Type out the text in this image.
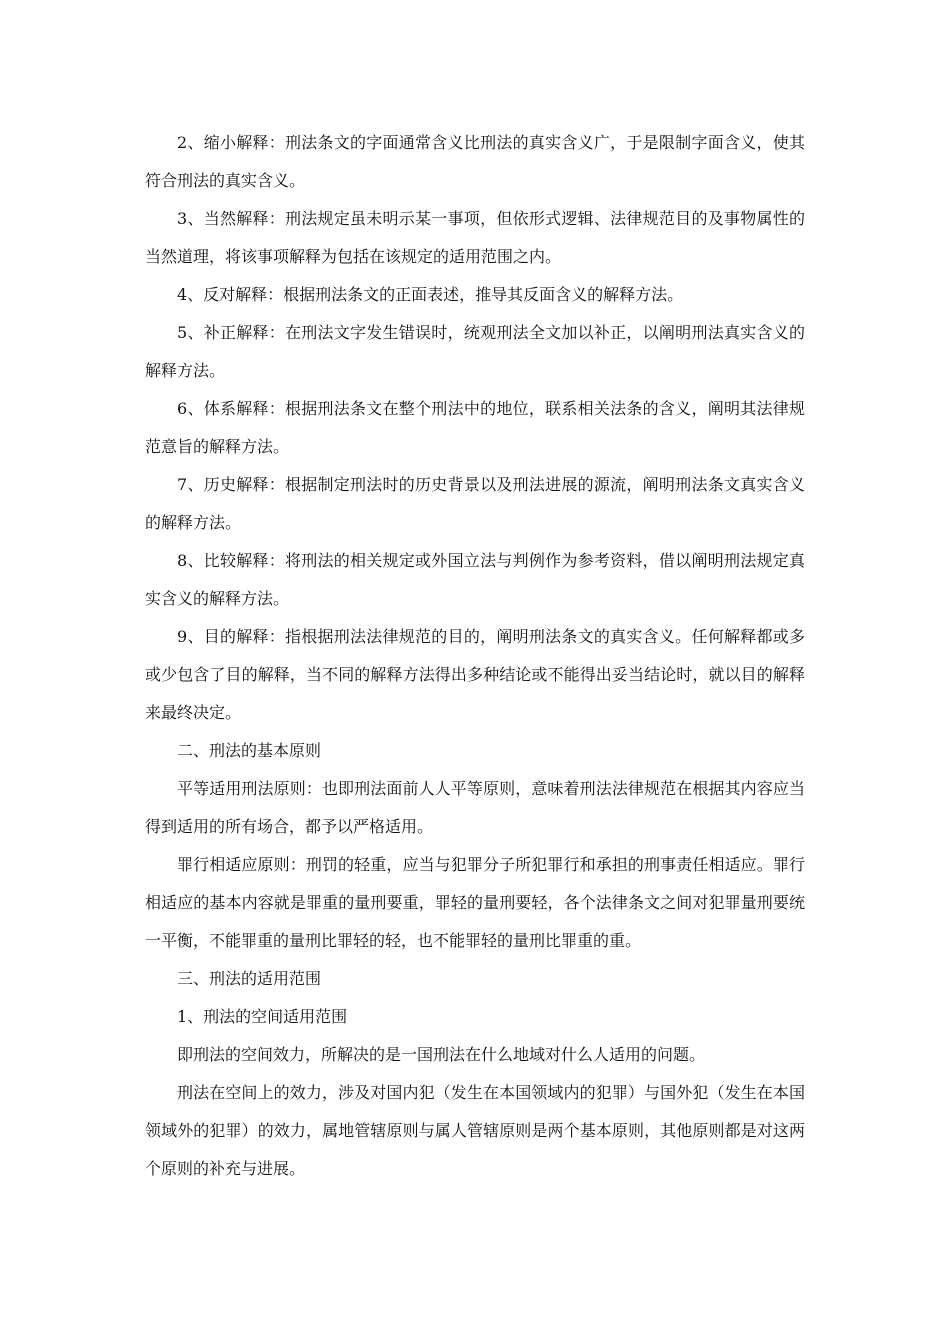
2、缩小解释：刑法条文的字面通常含义比刑法的真实含义广，于是限制字面含义，使其符合刑法的真实含义。

3、当然解释：刑法规定虽未明示某一事项，但依形式逻辑、法律规范目的及事物属性的当然道理，将该事项解释为包括在该规定的适用范围之内。

4、反对解释：根据刑法条文的正面表述，推导其反面含义的解释方法。

5、补正解释：在刑法文字发生错误时，统观刑法全文加以补正，以阐明刑法真实含义的解释方法。

6、体系解释：根据刑法条文在整个刑法中的地位，联系相关法条的含义，阐明其法律规范意旨的解释方法。

7、历史解释：根据制定刑法时的历史背景以及刑法进展的源流，阐明刑法条文真实含义的解释方法。

8、比较解释：将刑法的相关规定或外国立法与判例作为参考资料，借以阐明刑法规定真实含义的解释方法。

9、目的解释：指根据刑法法律规范的目的，阐明刑法条文的真实含义。任何解释都或多或少包含了目的解释，当不同的解释方法得出多种结论或不能得出妥当结论时，就以目的解释来最终决定。

二、刑法的基本原则

平等适用刑法原则：也即刑法面前人人平等原则，意味着刑法法律规范在根据其内容应当得到适用的所有场合，都予以严格适用。

罪行相适应原则：刑罚的轻重，应当与犯罪分子所犯罪行和承担的刑事责任相适应。罪行相适应的基本内容就是罪重的量刑要重，罪轻的量刑要轻，各个法律条文之间对犯罪量刑要统一平衡，不能罪重的量刑比罪轻的轻，也不能罪轻的量刑比罪重的重。

三、刑法的适用范围

1、刑法的空间适用范围

即刑法的空间效力，所解决的是一国刑法在什么地域对什么人适用的问题。

刑法在空间上的效力，涉及对国内犯（发生在本国领域内的犯罪）与国外犯（发生在本国领域外的犯罪）的效力，属地管辖原则与属人管辖原则是两个基本原则，其他原则都是对这两个原则的补充与进展。
